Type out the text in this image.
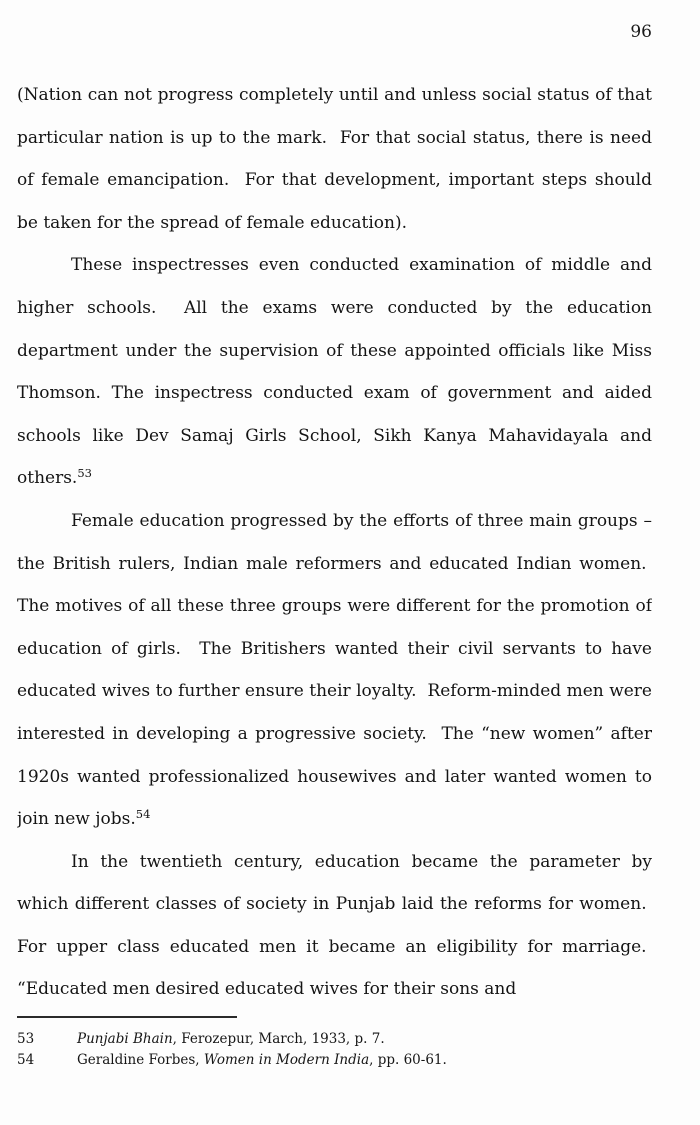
96

(Nation can not progress completely until and unless social status of that particular nation is up to the mark.  For that social status, there is need of female emancipation.  For that development, important steps should be taken for the spread of female education).

These inspectresses even conducted examination of middle and higher schools.  All the exams were conducted by the education department under the supervision of these appointed officials like Miss Thomson. The inspectress conducted exam of government and aided schools like Dev Samaj Girls School, Sikh Kanya Mahavidayala and others.$^{53}$

Female education progressed by the efforts of three main groups – the British rulers, Indian male reformers and educated Indian women.  The motives of all these three groups were different for the promotion of education of girls.  The Britishers wanted their civil servants to have educated wives to further ensure their loyalty.  Reform-minded men were interested in developing a progressive society.  The “new women” after 1920s wanted professionalized housewives and later wanted women to join new jobs.$^{54}$

In the twentieth century, education became the parameter by which different classes of society in Punjab laid the reforms for women.  For upper class educated men it became an eligibility for marriage.  “Educated men desired educated wives for their sons and

53	Punjabi Bhain, Ferozepur, March, 1933, p. 7.
54	Geraldine Forbes, Women in Modern India, pp. 60-61.
